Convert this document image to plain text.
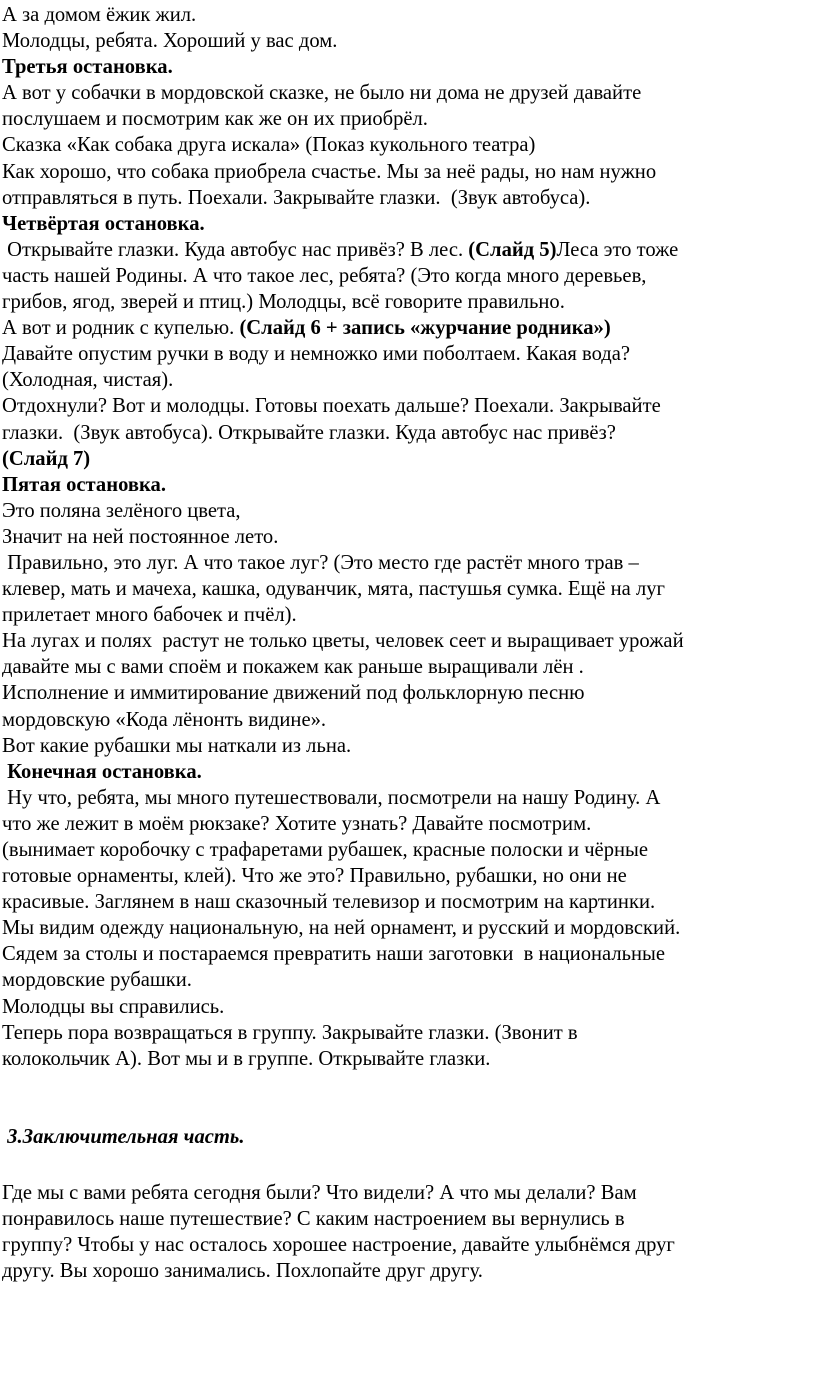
А за домом ёжик жил.
Молодцы, ребята. Хороший у вас дом.
Третья остановка.
А вот у собачки в мордовской сказке, не было ни дома не друзей давайте
послушаем и посмотрим как же он их приобрёл.
Сказка «Как собака друга искала» (Показ кукольного театра)
Как хорошо, что собака приобрела счастье. Мы за неё рады, но нам нужно
отправляться в путь. Поехали. Закрывайте глазки.  (Звук автобуса).
Четвёртая остановка.
Открывайте глазки. Куда автобус нас привёз? В лес. (Слайд 5)Леса это тоже
часть нашей Родины. А что такое лес, ребята? (Это когда много деревьев,
грибов, ягод, зверей и птиц.) Молодцы, всё говорите правильно.
А вот и родник с купелью. (Слайд 6 + запись «журчание родника»)
Давайте опустим ручки в воду и немножко ими поболтаем. Какая вода?
(Холодная, чистая).
Отдохнули? Вот и молодцы. Готовы поехать дальше? Поехали. Закрывайте
глазки.  (Звук автобуса). Открывайте глазки. Куда автобус нас привёз?
(Слайд 7)
Пятая остановка.
Это поляна зелёного цвета,
Значит на ней постоянное лето.
Правильно, это луг. А что такое луг? (Это место где растёт много трав –
клевер, мать и мачеха, кашка, одуванчик, мята, пастушья сумка. Ещё на луг
прилетает много бабочек и пчёл).
На лугах и полях  растут не только цветы, человек сеет и выращивает урожай
давайте мы с вами споём и покажем как раньше выращивали лён .
Исполнение и иммитирование движений под фольклорную песню
мордовскую «Кода лёнонть видине».
Вот какие рубашки мы наткали из льна.
Конечная остановка.
Ну что, ребята, мы много путешествовали, посмотрели на нашу Родину. А
что же лежит в моём рюкзаке? Хотите узнать? Давайте посмотрим.
(вынимает коробочку с трафаретами рубашек, красные полоски и чёрные
готовые орнаменты, клей). Что же это? Правильно, рубашки, но они не
красивые. Заглянем в наш сказочный телевизор и посмотрим на картинки.
Мы видим одежду национальную, на ней орнамент, и русский и мордовский.
Сядем за столы и постараемся превратить наши заготовки  в национальные
мордовские рубашки.
Молодцы вы справились.
Теперь пора возвращаться в группу. Закрывайте глазки. (Звонит в
колокольчик А). Вот мы и в группе. Открывайте глазки.
3.Заключительная часть.
Где мы с вами ребята сегодня были? Что видели? А что мы делали? Вам
понравилось наше путешествие? С каким настроением вы вернулись в
группу? Чтобы у нас осталось хорошее настроение, давайте улыбнёмся друг
другу. Вы хорошо занимались. Похлопайте друг другу.
